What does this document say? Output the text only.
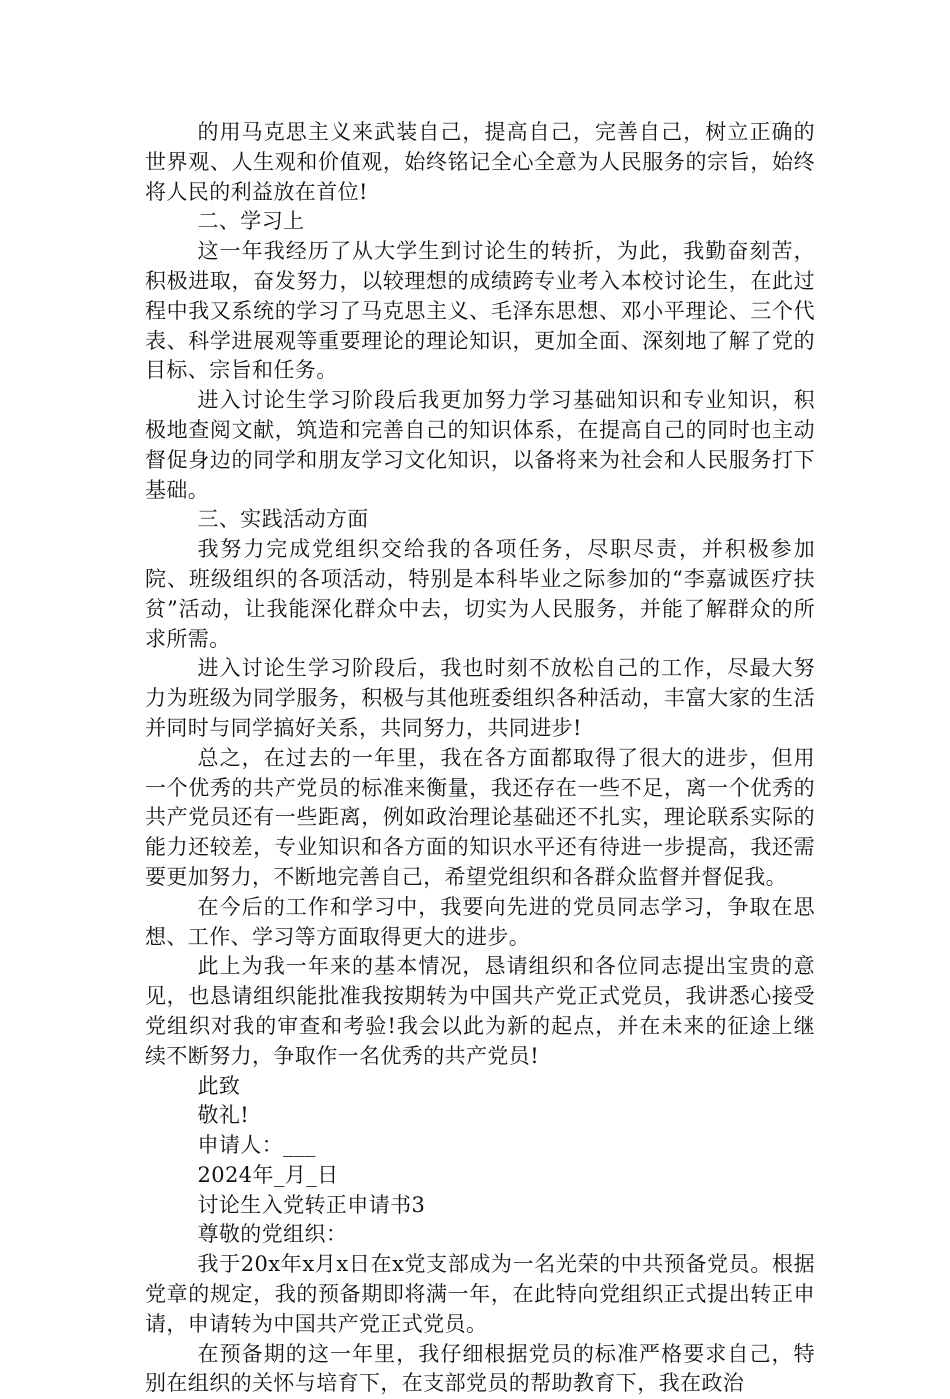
的用马克思主义来武装自己，提高自己，完善自己，树立正确的世界观、人生观和价值观，始终铭记全心全意为人民服务的宗旨，始终将人民的利益放在首位!

二、学习上

这一年我经历了从大学生到讨论生的转折，为此，我勤奋刻苦，积极进取，奋发努力，以较理想的成绩跨专业考入本校讨论生，在此过程中我又系统的学习了马克思主义、毛泽东思想、邓小平理论、三个代表、科学进展观等重要理论的理论知识，更加全面、深刻地了解了党的目标、宗旨和任务。

进入讨论生学习阶段后我更加努力学习基础知识和专业知识，积极地查阅文献，筑造和完善自己的知识体系，在提高自己的同时也主动督促身边的同学和朋友学习文化知识，以备将来为社会和人民服务打下基础。

三、实践活动方面

我努力完成党组织交给我的各项任务，尽职尽责，并积极参加院、班级组织的各项活动，特别是本科毕业之际参加的“李嘉诚医疗扶贫”活动，让我能深化群众中去，切实为人民服务，并能了解群众的所求所需。

进入讨论生学习阶段后，我也时刻不放松自己的工作，尽最大努力为班级为同学服务，积极与其他班委组织各种活动，丰富大家的生活并同时与同学搞好关系，共同努力，共同进步!

总之，在过去的一年里，我在各方面都取得了很大的进步，但用一个优秀的共产党员的标准来衡量，我还存在一些不足，离一个优秀的共产党员还有一些距离，例如政治理论基础还不扎实，理论联系实际的能力还较差，专业知识和各方面的知识水平还有待进一步提高，我还需要更加努力，不断地完善自己，希望党组织和各群众监督并督促我。

在今后的工作和学习中，我要向先进的党员同志学习，争取在思想、工作、学习等方面取得更大的进步。

此上为我一年来的基本情况，恳请组织和各位同志提出宝贵的意见，也恳请组织能批准我按期转为中国共产党正式党员，我讲悉心接受党组织对我的审查和考验!我会以此为新的起点，并在未来的征途上继续不断努力，争取作一名优秀的共产党员!

此致

敬礼!

申请人：___

2024年_月_日

讨论生入党转正申请书3

尊敬的党组织：

我于20x年x月x日在x党支部成为一名光荣的中共预备党员。根据党章的规定，我的预备期即将满一年，在此特向党组织正式提出转正申请，申请转为中国共产党正式党员。

在预备期的这一年里，我仔细根据党员的标准严格要求自己，特别在组织的关怀与培育下，在支部党员的帮助教育下，我在政治
